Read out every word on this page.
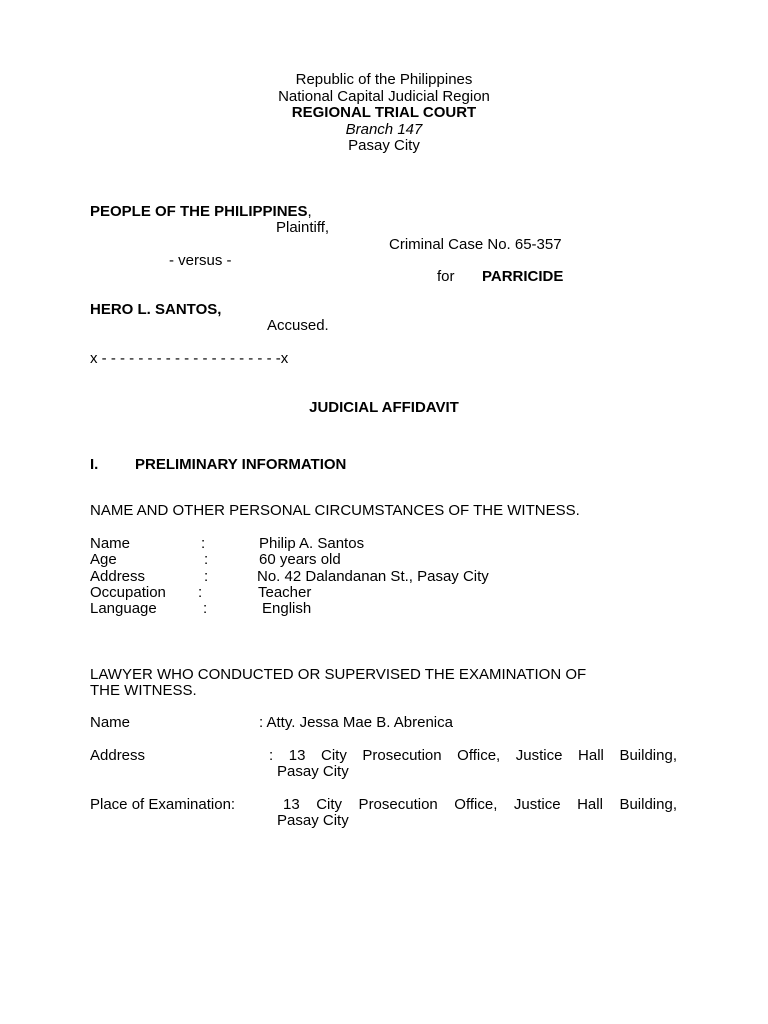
Republic of the Philippines
National Capital Judicial Region
REGIONAL TRIAL COURT
Branch 147
Pasay City
PEOPLE OF THE PHILIPPINES,
Plaintiff,
Criminal Case No. 65-357
- versus -
for PARRICIDE
HERO L. SANTOS,
Accused.
x - - - - - - - - - - - - - - - - - - - -x
JUDICIAL AFFIDAVIT
I. PRELIMINARY INFORMATION
NAME AND OTHER PERSONAL CIRCUMSTANCES OF THE WITNESS.
Name	:	Philip A. Santos
Age	:	60 years old
Address	:	No. 42 Dalandanan St., Pasay City
Occupation :	Teacher
Language	:	English
LAWYER WHO CONDUCTED OR SUPERVISED THE EXAMINATION OF
THE WITNESS.
Name	: Atty. Jessa Mae B. Abrenica
Address	: 13 City Prosecution Office, Justice Hall Building,
Pasay City
Place of Examination:	13 City Prosecution Office, Justice Hall Building,
Pasay City
